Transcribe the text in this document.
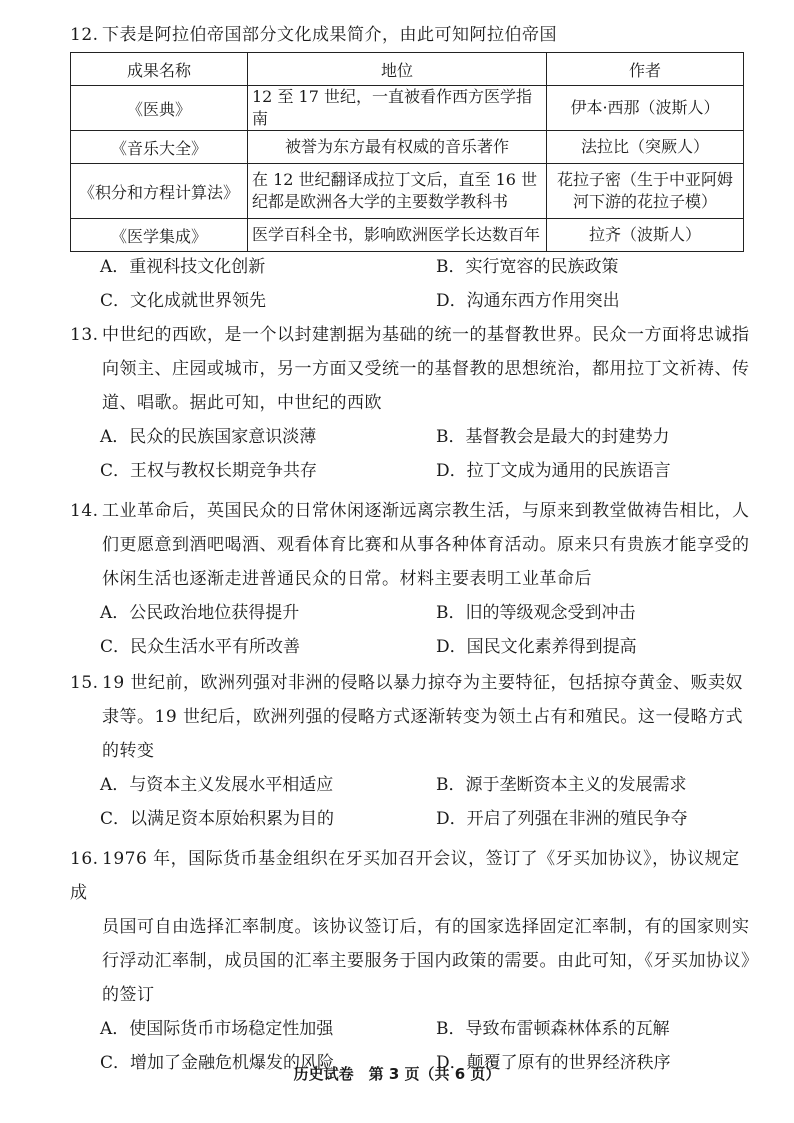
12. 下表是阿拉伯帝国部分文化成果简介，由此可知阿拉伯帝国

成果名称	地位	作者
《医典》	12 至 17 世纪，一直被看作西方医学指南	伊本·西那（波斯人）
《音乐大全》	被誉为东方最有权威的音乐著作	法拉比（突厥人）
《积分和方程计算法》	在 12 世纪翻译成拉丁文后，直至 16 世纪都是欧洲各大学的主要数学教科书	花拉子密（生于中亚阿姆河下游的花拉子模）
《医学集成》	医学百科全书，影响欧洲医学长达数百年	拉齐（波斯人）
A．重视科技文化创新	B．实行宽容的民族政策
C．文化成就世界领先	D．沟通东西方作用突出

13. 中世纪的西欧，是一个以封建割据为基础的统一的基督教世界。民众一方面将忠诚指

向领主、庄园或城市，另一方面又受统一的基督教的思想统治，都用拉丁文祈祷、传

道、唱歌。据此可知，中世纪的西欧

A．民众的民族国家意识淡薄	B．基督教会是最大的封建势力
C．王权与教权长期竞争共存	D．拉丁文成为通用的民族语言

14. 工业革命后，英国民众的日常休闲逐渐远离宗教生活，与原来到教堂做祷告相比，人

们更愿意到酒吧喝酒、观看体育比赛和从事各种体育活动。原来只有贵族才能享受的

休闲生活也逐渐走进普通民众的日常。材料主要表明工业革命后

A．公民政治地位获得提升	B．旧的等级观念受到冲击
C．民众生活水平有所改善	D．国民文化素养得到提高

15. 19 世纪前，欧洲列强对非洲的侵略以暴力掠夺为主要特征，包括掠夺黄金、贩卖奴

隶等。19 世纪后，欧洲列强的侵略方式逐渐转变为领土占有和殖民。这一侵略方式

的转变

A．与资本主义发展水平相适应	B．源于垄断资本主义的发展需求
C．以满足资本原始积累为目的	D．开启了列强在非洲的殖民争夺

16. 1976 年，国际货币基金组织在牙买加召开会议，签订了《牙买加协议》，协议规定成

员国可自由选择汇率制度。该协议签订后，有的国家选择固定汇率制，有的国家则实

行浮动汇率制，成员国的汇率主要服务于国内政策的需要。由此可知，《牙买加协议》

的签订

A．使国际货币市场稳定性加强	B．导致布雷顿森林体系的瓦解
C．增加了金融危机爆发的风险	D．颠覆了原有的世界经济秩序
历史试卷　第 3 页（共 6 页）
